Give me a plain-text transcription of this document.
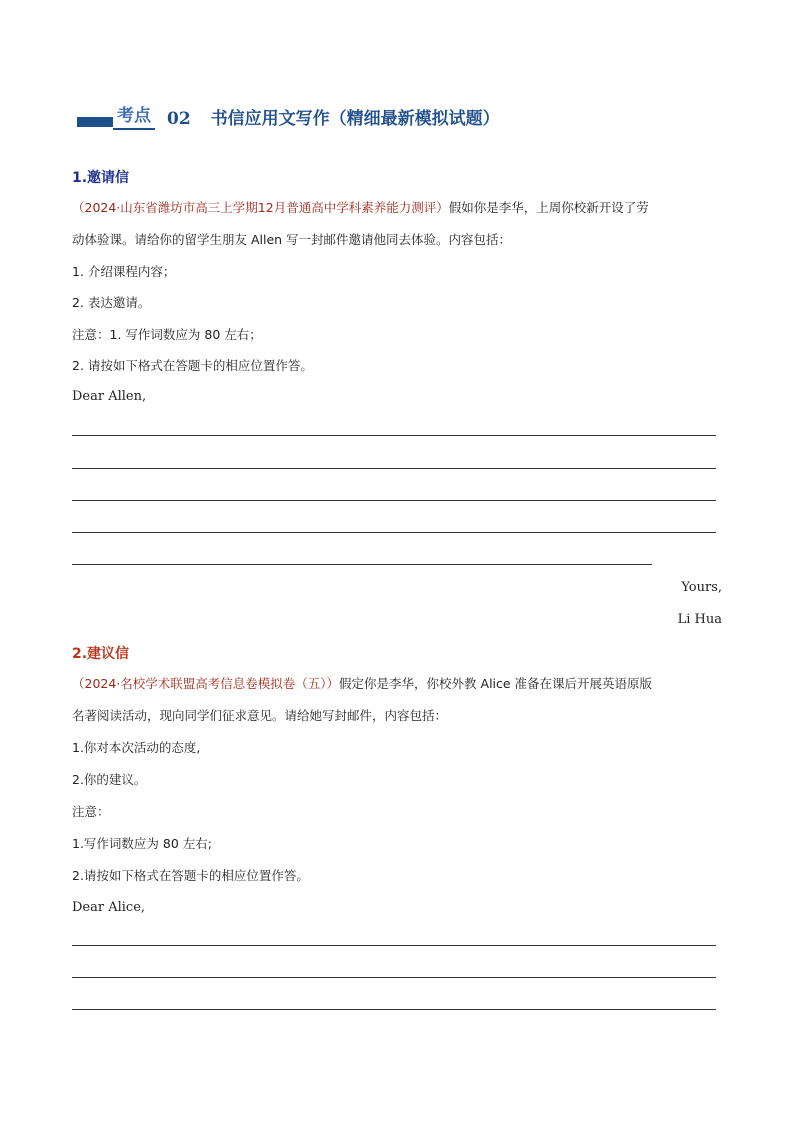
考点 02 书信应用文写作（精细最新模拟试题）
1.邀请信
（2024·山东省潍坊市高三上学期12月普通高中学科素养能力测评）假如你是李华，上周你校新开设了劳
动体验课。请给你的留学生朋友 Allen 写一封邮件邀请他同去体验。内容包括：
1. 介绍课程内容；
2. 表达邀请。
注意：1. 写作词数应为 80 左右；
2. 请按如下格式在答题卡的相应位置作答。
Dear Allen,
Yours,
Li Hua
2.建议信
（2024·名校学术联盟高考信息卷模拟卷（五））假定你是李华，你校外教 Alice 准备在课后开展英语原版
名著阅读活动，现向同学们征求意见。请给她写封邮件，内容包括：
1.你对本次活动的态度,
2.你的建议。
注意：
1.写作词数应为 80 左右;
2.请按如下格式在答题卡的相应位置作答。
Dear Alice,
